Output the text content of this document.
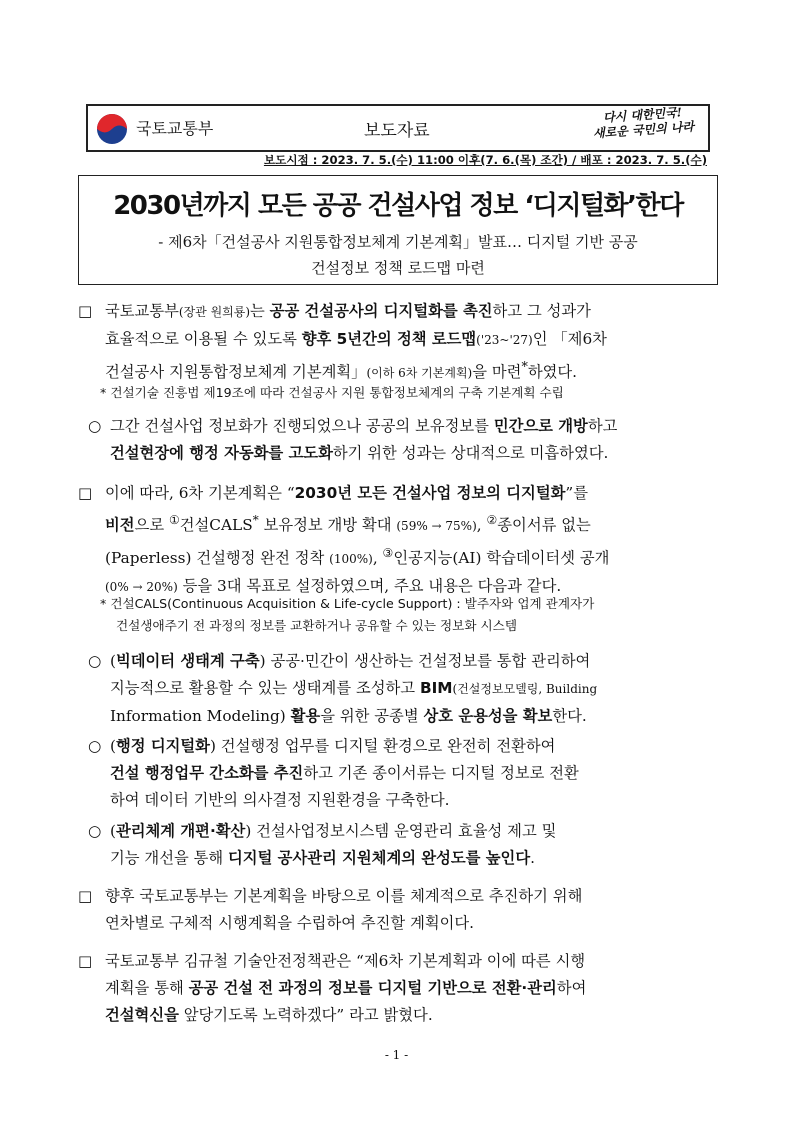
국토교통부	보도자료
다시 대한민국!
새로운 국민의 나라
보도시점 : 2023. 7. 5.(수) 11:00 이후(7. 6.(목) 조간) / 배포 : 2023. 7. 5.(수)
2030년까지 모든 공공 건설사업 정보 ‘디지털화’한다
- 제6차「건설공사 지원통합정보체계 기본계획」발표… 디지털 기반 공공
건설정보 정책 로드맵 마련
□ 국토교통부(장관 원희룡)는 공공 건설공사의 디지털화를 촉진하고 그 성과가
효율적으로 이용될 수 있도록 향후 5년간의 정책 로드맵('23~'27)인 「제6차
건설공사 지원통합정보체계 기본계획」(이하 6차 기본계획)을 마련*하였다.
* 건설기술 진흥법 제19조에 따라 건설공사 지원 통합정보체계의 구축 기본계획 수립
○ 그간 건설사업 정보화가 진행되었으나 공공의 보유정보를 민간으로 개방하고
건설현장에 행정 자동화를 고도화하기 위한 성과는 상대적으로 미흡하였다.
□ 이에 따라, 6차 기본계획은 “2030년 모든 건설사업 정보의 디지털화”를
비전으로 ①건설CALS* 보유정보 개방 확대 (59% → 75%), ②종이서류 없는
(Paperless) 건설행정 완전 정착 (100%), ③인공지능(AI) 학습데이터셋 공개
(0% → 20%) 등을 3대 목표로 설정하였으며, 주요 내용은 다음과 같다.
* 건설CALS(Continuous Acquisition & Life-cycle Support) : 발주자와 업계 관계자가
건설생애주기 전 과정의 정보를 교환하거나 공유할 수 있는 정보화 시스템
○ (빅데이터 생태계 구축) 공공·민간이 생산하는 건설정보를 통합 관리하여
지능적으로 활용할 수 있는 생태계를 조성하고 BIM(건설정보모델링, Building
Information Modeling) 활용을 위한 공종별 상호 운용성을 확보한다.
○ (행정 디지털화) 건설행정 업무를 디지털 환경으로 완전히 전환하여
건설 행정업무 간소화를 추진하고 기존 종이서류는 디지털 정보로 전환
하여 데이터 기반의 의사결정 지원환경을 구축한다.
○ (관리체계 개편·확산) 건설사업정보시스템 운영관리 효율성 제고 및
기능 개선을 통해 디지털 공사관리 지원체계의 완성도를 높인다.
□ 향후 국토교통부는 기본계획을 바탕으로 이를 체계적으로 추진하기 위해
연차별로 구체적 시행계획을 수립하여 추진할 계획이다.
□ 국토교통부 김규철 기술안전정책관은 “제6차 기본계획과 이에 따른 시행
계획을 통해 공공 건설 전 과정의 정보를 디지털 기반으로 전환·관리하여
건설혁신을 앞당기도록 노력하겠다” 라고 밝혔다.
- 1 -
